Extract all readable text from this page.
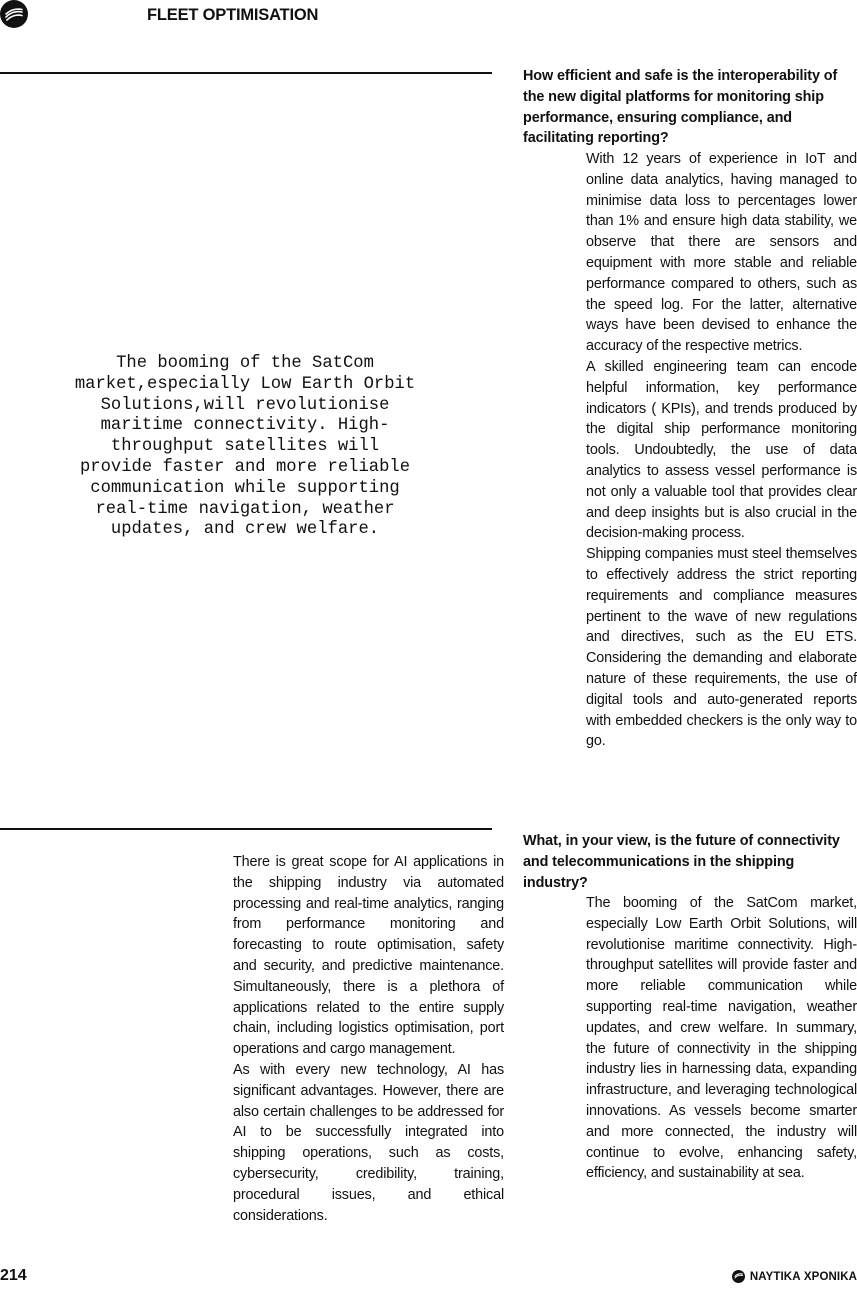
FLEET OPTIMISATION

The booming of the SatCom market,especially Low Earth Orbit Solutions,will revolutionise maritime connectivity. High-throughput satellites will provide faster and more reliable communication while supporting real-time navigation, weather updates, and crew welfare.

How efficient and safe is the interoperability of the new digital platforms for monitoring ship performance, ensuring compliance, and facilitating reporting?

With 12 years of experience in IoT and online data analytics, having managed to minimise data loss to percentages lower than 1% and ensure high data stability, we observe that there are sensors and equipment with more stable and reliable performance compared to others, such as the speed log. For the latter, alternative ways have been devised to enhance the accuracy of the respective metrics.

A skilled engineering team can encode helpful information, key performance indicators ( KPIs), and trends produced by the digital ship performance monitoring tools. Undoubtedly, the use of data analytics to assess vessel performance is not only a valuable tool that provides clear and deep insights but is also crucial in the decision-making process.

Shipping companies must steel themselves to effectively address the strict reporting requirements and compliance measures pertinent to the wave of new regulations and directives, such as the EU ETS. Considering the demanding and elaborate nature of these requirements, the use of digital tools and auto-generated reports with embedded checkers is the only way to go.

There is great scope for AI applications in the shipping industry via automated processing and real-time analytics, ranging from performance monitoring and forecasting to route optimisation, safety and security, and predictive maintenance. Simultaneously, there is a plethora of applications related to the entire supply chain, including logistics optimisation, port operations and cargo management.

As with every new technology, AI has significant advantages. However, there are also certain challenges to be addressed for AI to be successfully integrated into shipping operations, such as costs, cybersecurity, credibility, training, procedural issues, and ethical considerations.

What, in your view, is the future of connectivity and telecommunications in the shipping industry?

The booming of the SatCom market, especially Low Earth Orbit Solutions, will revolutionise maritime connectivity. High-throughput satellites will provide faster and more reliable communication while supporting real-time navigation, weather updates, and crew welfare. In summary, the future of connectivity in the shipping industry lies in harnessing data, expanding infrastructure, and leveraging technological innovations. As vessels become smarter and more connected, the industry will continue to evolve, enhancing safety, efficiency, and sustainability at sea.

214	ΝΑΥΤΙΚΑ ΧΡΟΝΙΚΑ
